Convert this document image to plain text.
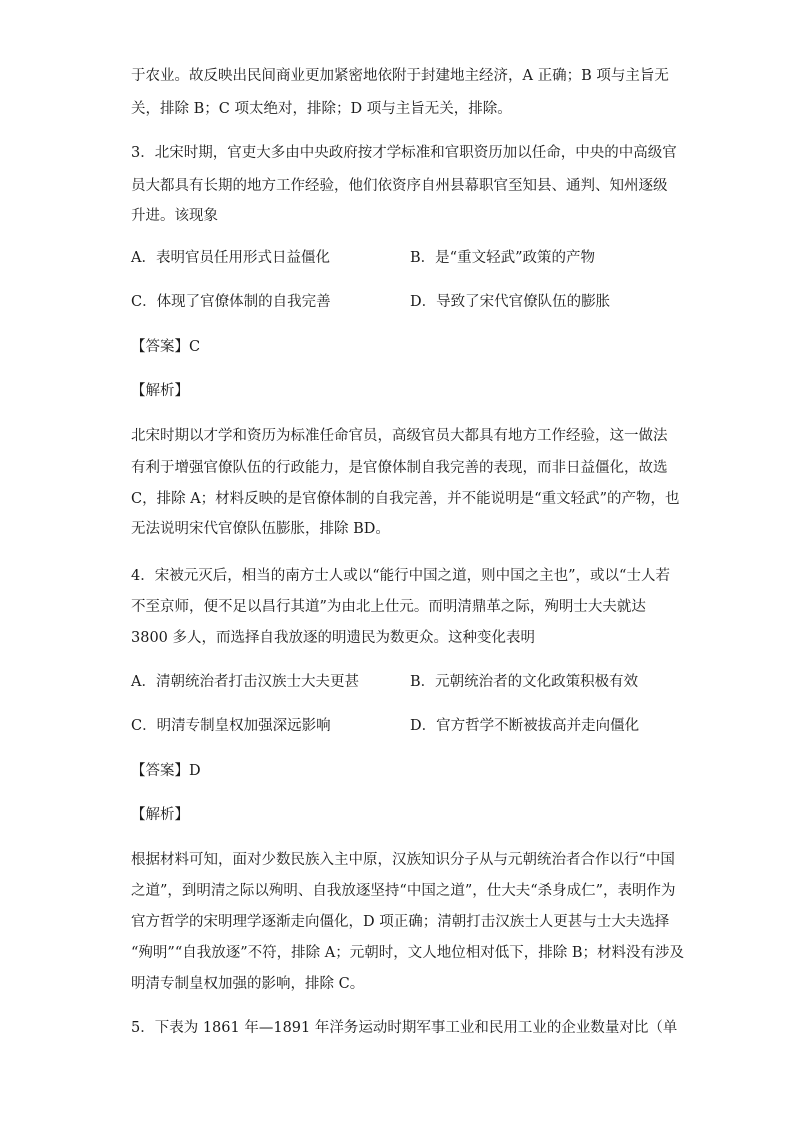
于农业。故反映出民间商业更加紧密地依附于封建地主经济，A 正确；B 项与主旨无
关，排除 B；C 项太绝对，排除；D 项与主旨无关，排除。
3．北宋时期，官吏大多由中央政府按才学标准和官职资历加以任命，中央的中高级官
员大都具有长期的地方工作经验，他们依资序自州县幕职官至知县、通判、知州逐级
升进。该现象
A．表明官员任用形式日益僵化	B．是“重文轻武”政策的产物
C．体现了官僚体制的自我完善	D．导致了宋代官僚队伍的膨胀
【答案】C
【解析】
北宋时期以才学和资历为标准任命官员，高级官员大都具有地方工作经验，这一做法
有利于增强官僚队伍的行政能力，是官僚体制自我完善的表现，而非日益僵化，故选
C，排除 A；材料反映的是官僚体制的自我完善，并不能说明是“重文轻武”的产物，也
无法说明宋代官僚队伍膨胀，排除 BD。
4．宋被元灭后，相当的南方士人或以“能行中国之道，则中国之主也”，或以“士人若
不至京师，便不足以昌行其道”为由北上仕元。而明清鼎革之际，殉明士大夫就达
3800 多人，而选择自我放逐的明遗民为数更众。这种变化表明
A．清朝统治者打击汉族士大夫更甚	B．元朝统治者的文化政策积极有效
C．明清专制皇权加强深远影响	D．官方哲学不断被拔高并走向僵化
【答案】D
【解析】
根据材料可知，面对少数民族入主中原，汉族知识分子从与元朝统治者合作以行“中国
之道”，到明清之际以殉明、自我放逐坚持“中国之道”，仕大夫“杀身成仁”，表明作为
官方哲学的宋明理学逐渐走向僵化，D 项正确；清朝打击汉族士人更甚与士大夫选择
“殉明”“自我放逐”不符，排除 A；元朝时，文人地位相对低下，排除 B；材料没有涉及
明清专制皇权加强的影响，排除 C。
5．下表为 1861 年—1891 年洋务运动时期军事工业和民用工业的企业数量对比（单
